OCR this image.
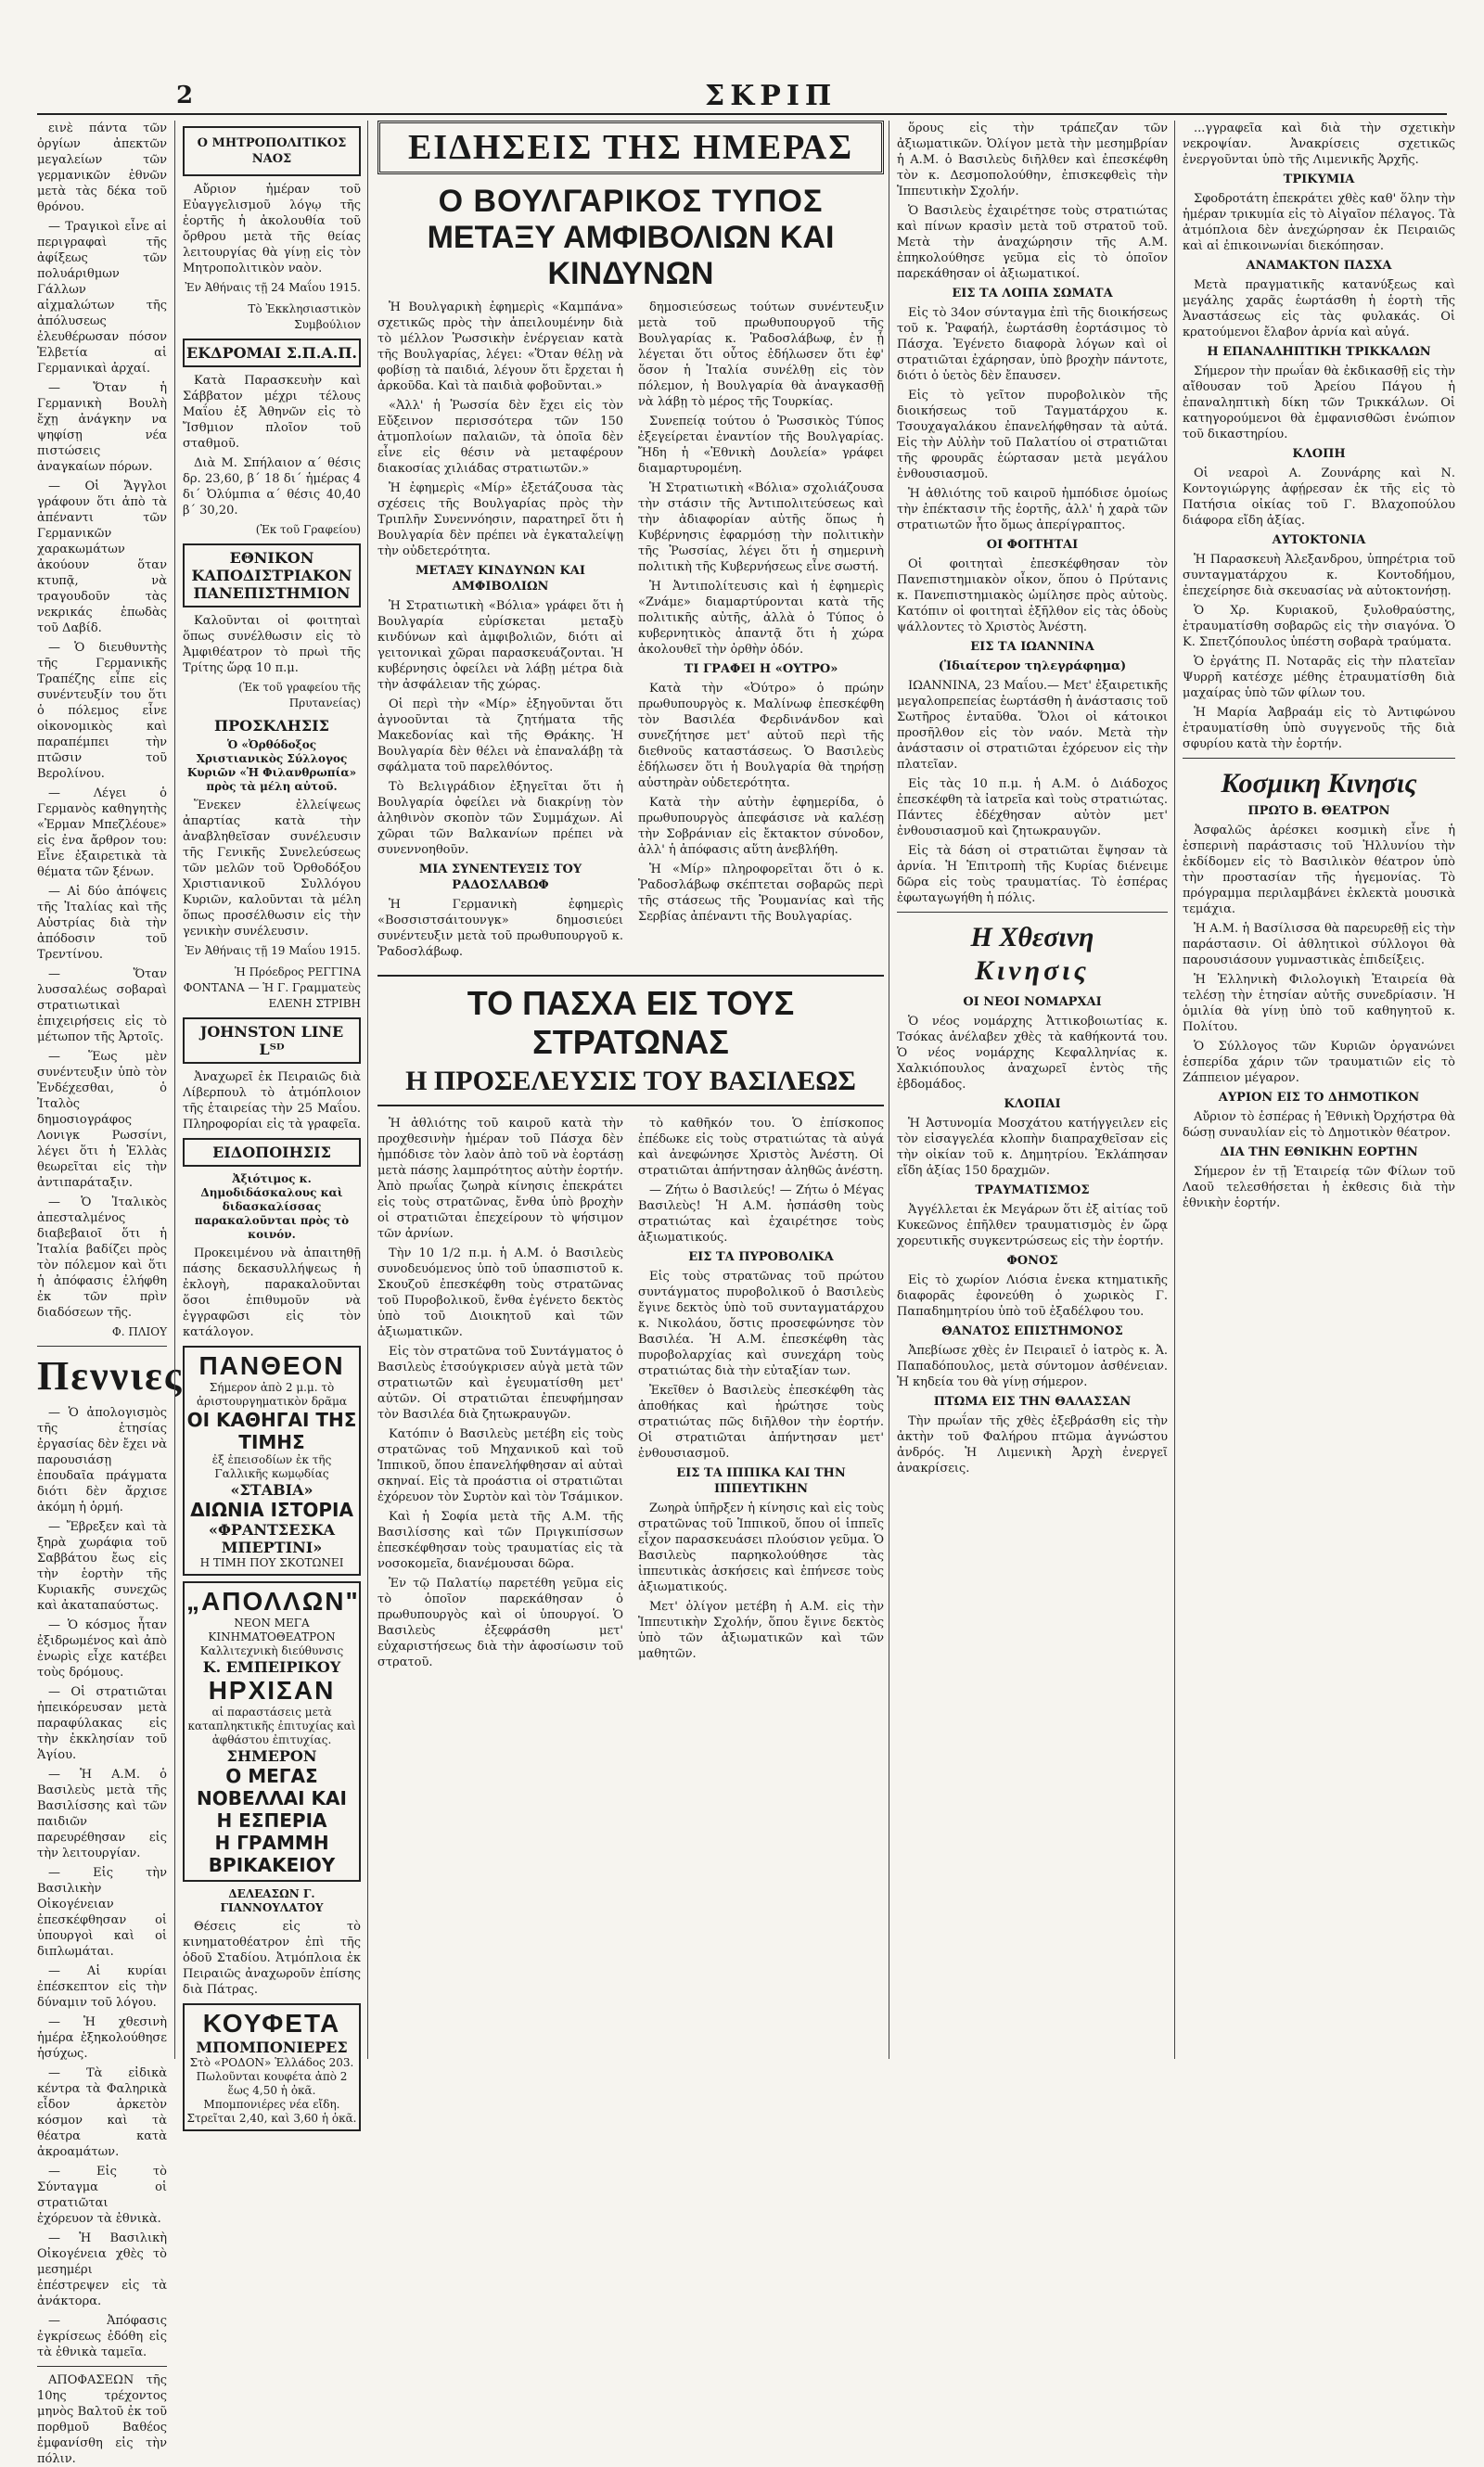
2	ΣΚΡΙΠ

εινὲ πάντα τῶν ὀργίων ἀπεκτῶν μεγαλείων τῶν γερμανικῶν ἐθνῶν μετὰ τὰς δέκα τοῦ θρόνου.

— Τραγικοὶ εἶνε αἱ περιγραφαὶ τῆς ἀφίξεως τῶν πολυάριθμων Γάλλων αἰχμαλώτων τῆς ἀπόλυσεως ἐλευθέρωσαν πόσον Ἑλβετία αἱ Γερμανικαὶ ἀρχαί.

— Ὅταν ἡ Γερμανικὴ Βουλὴ ἔχῃ ἀνάγκην να ψηφίσῃ νέα πιστώσεις ἀναγκαίων πόρων.

— Οἱ Ἄγγλοι γράφουν ὅτι ἀπὸ τὰ ἀπέναντι τῶν Γερμανικῶν χαρακωμάτων ἀκούουν ὅταν κτυπᾷ, νὰ τραγουδοῦν τὰς νεκρικάς ἐπωδὰς τοῦ Δαβίδ.

— Ὁ διευθυντὴς τῆς Γερμανικῆς Τραπέζης εἶπε εἰς συνέντευξίν του ὅτι ὁ πόλεμος εἶνε οἰκονομικὸς καὶ παραπέμπει τὴν πτῶσιν τοῦ Βερολίνου.

— Λέγει ὁ Γερμανὸς καθηγητὴς «Ἐρμαν Μπεζλέουε» εἰς ἐνα ἄρθρον του: Εἶνε ἐξαιρετικὰ τὰ θέματα τῶν ξένων.

— Αἱ δύο ἀπόψεις τῆς Ἰταλίας καὶ τῆς Αὐστρίας διὰ τὴν ἀπόδοσιν τοῦ Τρεντίνου.

— Ὅταν λυσσαλέως σοβαραὶ στρατιωτικαὶ ἐπιχειρήσεις εἰς τὸ μέτωπον τῆς Ἀρτοῖς.

— Ἕως μὲν συνέντευξιν ὑπὸ τὸν Ἐνδέχεσθαι, ὁ Ἰταλὸς δημοσιογράφος Λονιγκ Ρωσσίνι, λέγει ὅτι ἡ Ἑλλὰς θεωρεῖται εἰς τὴν ἀντιπαράταξιν.

— Ὁ Ἰταλικὸς ἀπεσταλμένος διαβεβαιοῖ ὅτι ἡ Ἰταλία βαδίζει πρὸς τὸν πόλεμον καὶ ὅτι ἡ ἀπόφασις ἐλήφθη ἐκ τῶν πρὶν διαδόσεων τῆς.

Φ. ΠΛΙΟΥ
Πεννιες

— Ὁ ἀπολογισμὸς τῆς ἑτησίας ἐργασίας δὲν ἔχει νὰ παρουσιάσῃ ἐπουδαῖα πράγματα διότι δὲν ἄρχισε ἀκόμη ἡ ὁρμή.

— Ἔβρεξεν καὶ τὰ ξηρὰ χωράφια τοῦ Σαββάτου ἔως εἰς τὴν ἑορτὴν τῆς Κυριακῆς συνεχῶς καὶ ἀκαταπαύστως.

— Ὁ κόσμος ἦταν ἐξιδρωμένος καὶ ἀπὸ ἐνωρὶς εἶχε κατέβει τοὺς δρόμους.

— Οἱ στρατιῶται ἠπεικόρευσαν μετὰ παραφύλακας εἰς τὴν ἐκκλησίαν τοῦ Ἁγίου.

— Ἡ Α.Μ. ὁ Βασιλεὺς μετὰ τῆς Βασιλίσσης καὶ τῶν παιδιῶν παρευρέθησαν εἰς τὴν λειτουργίαν.

— Εἰς τὴν Βασιλικὴν Οἰκογένειαν ἐπεσκέφθησαν οἱ ὑπουργοὶ καὶ οἱ διπλωμάται.

— Αἱ κυρίαι ἐπέσκεπτον εἰς τὴν δύναμιν τοῦ λόγου.

— Ἡ χθεσινὴ ἡμέρα ἐξηκολούθησε ἡσύχως.

— Τὰ εἰδικὰ κέντρα τὰ Φαληρικὰ εἶδον ἀρκετὸν κόσμον καὶ τὰ θέατρα κατὰ ἀκροαμάτων.

— Εἰς τὸ Σύνταγμα οἱ στρατιῶται ἐχόρευον τὰ ἐθνικὰ.

— Ἡ Βασιλικὴ Οἰκογένεια χθὲς τὸ μεσημέρι ἐπέστρεψεν εἰς τὰ ἀνάκτορα.

— Ἀπόφασις ἐγκρίσεως ἐδόθη εἰς τὰ ἐθνικὰ ταμεῖα.

ΑΠΟΦΑΣΕΩΝ τῆς 10ης τρέχοντος μηνὸς Βαλτοῦ ἐκ τοῦ πορθμοῦ Βαθέος ἐμφανίσθη εἰς τὴν πόλιν.

Ο ΜΗΤΡΟΠΟΛΙΤΙΚΟΣ ΝΑΟΣ

Αὔριον ἡμέραν τοῦ Εὐαγγελισμοῦ λόγῳ τῆς ἑορτῆς ἡ ἀκολουθία τοῦ ὄρθρου μετὰ τῆς θείας λειτουργίας θὰ γίνῃ εἰς τὸν Μητροπολιτικὸν ναὸν.

Ἐν Ἀθήναις τῇ 24 Μαΐου 1915.
Τὸ Ἐκκλησιαστικὸν Συμβούλιον
ΕΚΔΡΟΜΑΙ Σ.Π.Α.Π.

Κατὰ Παρασκευὴν καὶ Σάββατον μέχρι τέλους Μαΐου ἐξ Ἀθηνῶν εἰς τὸ Ἴσθμιον πλοῖον τοῦ σταθμοῦ.

Διὰ Μ. Σπήλαιον α΄ θέσις δρ. 23,60, β΄ 18 δι΄ ἡμέρας 4 δι΄ Ὀλύμπια α΄ θέσις 40,40 β΄ 30,20.

(Ἐκ τοῦ Γραφείου)
ΕΘΝΙΚΟΝ ΚΑΠΟΔΙΣΤΡΙΑΚΟΝ ΠΑΝΕΠΙΣΤΗΜΙΟΝ

Καλοῦνται οἱ φοιτηταὶ ὅπως συνέλθωσιν εἰς τὸ Ἀμφιθέατρον τὸ πρωὶ τῆς Τρίτης ὥρᾳ 10 π.μ.

(Ἐκ τοῦ γραφείου τῆς Πρυτανείας)
ΠΡΟΣΚΛΗΣΙΣ
Ὁ «Ὀρθόδοξος Χριστιανικὸς Σύλλογος Κυριῶν «Ἡ Φιλανθρωπία» πρὸς τὰ μέλη αὐτοῦ.

Ἕνεκεν ἐλλείψεως ἀπαρτίας κατὰ τὴν ἀναβληθεῖσαν συνέλευσιν τῆς Γενικῆς Συνελεύσεως τῶν μελῶν τοῦ Ὀρθοδόξου Χριστιανικοῦ Συλλόγου Κυριῶν, καλοῦνται τὰ μέλη ὅπως προσέλθωσιν εἰς τὴν γενικὴν συνέλευσιν.

Ἐν Ἀθήναις τῇ 19 Μαΐου 1915.
Ἡ Πρόεδρος ΡΕΓΓΙΝΑ ΦΟΝΤΑΝΑ — Ἡ Γ. Γραμματεὺς ΕΛΕΝΗ ΣΤΡΙΒΗ
JOHNSTON LINE Lᵀᴰ

Ἀναχωρεῖ ἐκ Πειραιῶς διὰ Λίβερπουλ τὸ ἀτμόπλοιον τῆς ἑταιρείας τὴν 25 Μαΐου. Πληροφορίαι εἰς τὰ γραφεῖα.

ΕΙΔΟΠΟΙΗΣΙΣ
Ἀξιότιμος κ. Δημοδιδάσκαλους καὶ διδασκαλίσσας παρακαλοῦνται πρὸς τὸ κοινόν.

Προκειμένου νὰ ἀπαιτηθῇ πάσης δεκασυλλήψεως ἡ ἐκλογὴ, παρακαλοῦνται ὅσοι ἐπιθυμοῦν νὰ ἐγγραφῶσι εἰς τὸν κατάλογον.

ΠΑΝΘΕΟΝ
Σήμερον ἀπὸ 2 μ.μ. τὸ ἀριστουργηματικὸν δρᾶμα
ΟΙ ΚΑΘΗΓΑΙ ΤΗΣ ΤΙΜΗΣ
ἐξ ἐπεισοδίων ἐκ τῆς Γαλλικῆς κωμῳδίας
«ΣΤΑΒΙΑ»
ΔΙΩΝΙΑ ΙΣΤΟΡΙΑ
«ΦΡΑΝΤΣΕΣΚΑ ΜΠΕΡΤΙΝΙ»
Η ΤΙΜΗ ΠΟΥ ΣΚΟΤΩΝΕΙ
„ΑΠΟΛΛΩΝ"
ΝΕΟΝ ΜΕΓΑ ΚΙΝΗΜΑΤΟΘΕΑΤΡΟΝ Καλλιτεχνικὴ διεύθυνσις
Κ. ΕΜΠΕΙΡΙΚΟΥ
ΗΡΧΙΣΑΝ
αἱ παραστάσεις μετὰ καταπληκτικῆς ἐπιτυχίας καὶ ἀφθάστου ἐπιτυχίας.
ΣΗΜΕΡΟΝ
Ο ΜΕΓΑΣ ΝΟΒΕΛΛΑΙ ΚΑΙ Η ΕΣΠΕΡΙΑ
Η ΓΡΑΜΜΗ ΒΡΙΚΑΚΕΙΟΥ
ΔΕΛΕΑΣΩΝ Γ. ΓΙΑΝΝΟΥΛΑΤΟΥ

Θέσεις εἰς τὸ κινηματοθέατρον ἐπὶ τῆς ὁδοῦ Σταδίου. Ἀτμόπλοια ἐκ Πειραιῶς ἀναχωροῦν ἐπίσης διὰ Πάτρας.

ΚΟΥΦΕΤΑ
ΜΠΟΜΠΟΝΙΕΡΕΣ
Στὸ «ΡΟΔΟΝ» Ἑλλάδος 203. Πωλοῦνται κουφέτα ἀπὸ 2 ἕως 4,50 ἡ ὀκᾶ. Μπομπονιέρες νέα εἴδη. Στρεῖται 2,40, καὶ 3,60 ἡ ὀκᾶ.
ΕΙΔΗΣΕΙΣ ΤΗΣ ΗΜΕΡΑΣ
Ο ΒΟΥΛΓΑΡΙΚΟΣ ΤΥΠΟΣ
ΜΕΤΑΞΥ ΑΜΦΙΒΟΛΙΩΝ ΚΑΙ ΚΙΝΔΥΝΩΝ

Ἡ Βουλγαρικὴ ἐφημερὶς «Καμπάνα» σχετικῶς πρὸς τὴν ἀπειλουμένην διὰ τὸ μέλλον Ῥωσσικὴν ἐνέργειαν κατὰ τῆς Βουλγαρίας, λέγει: «Ὅταν θέλῃ νὰ φοβίσῃ τὰ παιδιά, λέγουν ὅτι ἔρχεται ἡ ἀρκοῦδα. Καὶ τὰ παιδιὰ φοβοῦνται.»

«Ἀλλ' ἡ Ῥωσσία δὲν ἔχει εἰς τὸν Εὔξεινον περισσότερα τῶν 150 ἀτμοπλοίων παλαιῶν, τὰ ὁποῖα δὲν εἶνε εἰς θέσιν νὰ μεταφέρουν διακοσίας χιλιάδας στρατιωτῶν.»

Ἡ ἐφημερὶς «Μίρ» ἐξετάζουσα τὰς σχέσεις τῆς Βουλγαρίας πρὸς τὴν Τριπλῆν Συνεννόησιν, παρατηρεῖ ὅτι ἡ Βουλγαρία δὲν πρέπει νὰ ἐγκαταλείψῃ τὴν οὐδετερότητα.

ΜΕΤΑΞΥ ΚΙΝΔΥΝΩΝ ΚΑΙ ΑΜΦΙΒΟΛΙΩΝ

Ἡ Στρατιωτικὴ «Βόλια» γράφει ὅτι ἡ Βουλγαρία εὑρίσκεται μεταξὺ κινδύνων καὶ ἀμφιβολιῶν, διότι αἱ γειτονικαὶ χῶραι παρασκευάζονται. Ἡ κυβέρνησις ὀφείλει νὰ λάβῃ μέτρα διὰ τὴν ἀσφάλειαν τῆς χώρας.

Οἱ περὶ τὴν «Μίρ» ἐξηγοῦνται ὅτι ἀγνοοῦνται τὰ ζητήματα τῆς Μακεδονίας καὶ τῆς Θράκης. Ἡ Βουλγαρία δὲν θέλει νὰ ἐπαναλάβῃ τὰ σφάλματα τοῦ παρελθόντος.

Τὸ Βελιγράδιον ἐξηγεῖται ὅτι ἡ Βουλγαρία ὀφείλει νὰ διακρίνῃ τὸν ἀληθινὸν σκοπὸν τῶν Συμμάχων. Αἱ χῶραι τῶν Βαλκανίων πρέπει νὰ συνεννοηθοῦν.

ΜΙΑ ΣΥΝΕΝΤΕΥΞΙΣ ΤΟΥ ΡΑΔΟΣΛΑΒΩΦ

Ἡ Γερμανικὴ ἐφημερὶς «Βοσσιστσάιτουνγκ» δημοσιεύει συνέντευξιν μετὰ τοῦ πρωθυπουργοῦ κ. Ῥαδοσλάβωφ.

δημοσιεύσεως τούτων συνέντευξιν μετὰ τοῦ πρωθυπουργοῦ τῆς Βουλγαρίας κ. Ῥαδοσλάβωφ, ἐν ᾗ λέγεται ὅτι οὗτος ἐδήλωσεν ὅτι ἐφ' ὅσον ἡ Ἰταλία συνέλθῃ εἰς τὸν πόλεμον, ἡ Βουλγαρία θὰ ἀναγκασθῇ νὰ λάβῃ τὸ μέρος τῆς Τουρκίας.

Συνεπείᾳ τούτου ὁ Ῥωσσικὸς Τύπος ἐξεγείρεται ἐναντίον τῆς Βουλγαρίας. Ἤδη ἡ «Ἐθνικὴ Δουλεία» γράφει διαμαρτυρομένη.

Ἡ Στρατιωτικὴ «Βόλια» σχολιάζουσα τὴν στάσιν τῆς Ἀντιπολιτεύσεως καὶ τὴν ἀδιαφορίαν αὐτῆς ὅπως ἡ Κυβέρνησις ἐφαρμόσῃ τὴν πολιτικὴν τῆς Ῥωσσίας, λέγει ὅτι ἡ σημερινὴ πολιτικὴ τῆς Κυβερνήσεως εἶνε σωστή.

Ἡ Ἀντιπολίτευσις καὶ ἡ ἐφημερὶς «Ζνάμε» διαμαρτύρονται κατὰ τῆς πολιτικῆς αὐτῆς, ἀλλὰ ὁ Τύπος ὁ κυβερνητικὸς ἀπαντᾷ ὅτι ἡ χώρα ἀκολουθεῖ τὴν ὀρθὴν ὁδόν.

ΤΙ ΓΡΑΦΕΙ Η «ΟΥΤΡΟ»

Κατὰ τὴν «Ὀύτρο» ὁ πρώην πρωθυπουργὸς κ. Μαλίνωφ ἐπεσκέφθη τὸν Βασιλέα Φερδινάνδον καὶ συνεζήτησε μετ' αὐτοῦ περὶ τῆς διεθνοῦς καταστάσεως. Ὁ Βασιλεὺς ἐδήλωσεν ὅτι ἡ Βουλγαρία θὰ τηρήσῃ αὐστηρὰν οὐδετερότητα.

Κατὰ τὴν αὐτὴν ἐφημερίδα, ὁ πρωθυπουργὸς ἀπεφάσισε νὰ καλέσῃ τὴν Σοβράνιαν εἰς ἔκτακτον σύνοδον, ἀλλ' ἡ ἀπόφασις αὕτη ἀνεβλήθη.

Ἡ «Μίρ» πληροφορεῖται ὅτι ὁ κ. Ῥαδοσλάβωφ σκέπτεται σοβαρῶς περὶ τῆς στάσεως τῆς Ῥουμανίας καὶ τῆς Σερβίας ἀπέναντι τῆς Βουλγαρίας.

ΤΟ ΠΑΣΧΑ ΕΙΣ ΤΟΥΣ ΣΤΡΑΤΩΝΑΣ
Η ΠΡΟΣΕΛΕΥΣΙΣ ΤΟΥ ΒΑΣΙΛΕΩΣ

Ἡ ἀθλιότης τοῦ καιροῦ κατὰ τὴν προχθεσινὴν ἡμέραν τοῦ Πάσχα δὲν ἠμπόδισε τὸν λαὸν ἀπὸ τοῦ νὰ ἑορτάσῃ μετὰ πάσης λαμπρότητος αὐτὴν ἑορτήν. Ἀπὸ πρωΐας ζωηρὰ κίνησις ἐπεκράτει εἰς τοὺς στρατῶνας, ἔνθα ὑπὸ βροχὴν οἱ στρατιῶται ἐπεχείρουν τὸ ψήσιμον τῶν ἀρνίων.

Τὴν 10 1/2 π.μ. ἡ Α.Μ. ὁ Βασιλεὺς συνοδευόμενος ὑπὸ τοῦ ὑπασπιστοῦ κ. Σκουζοῦ ἐπεσκέφθη τοὺς στρατῶνας τοῦ Πυροβολικοῦ, ἔνθα ἐγένετο δεκτὸς ὑπὸ τοῦ Διοικητοῦ καὶ τῶν ἀξιωματικῶν.

Εἰς τὸν στρατῶνα τοῦ Συντάγματος ὁ Βασιλεὺς ἐτσούγκρισεν αὐγὰ μετὰ τῶν στρατιωτῶν καὶ ἐγευματίσθη μετ' αὐτῶν. Οἱ στρατιῶται ἐπευφήμησαν τὸν Βασιλέα διὰ ζητωκραυγῶν.

Κατόπιν ὁ Βασιλεὺς μετέβη εἰς τοὺς στρατῶνας τοῦ Μηχανικοῦ καὶ τοῦ Ἱππικοῦ, ὅπου ἐπανελήφθησαν αἱ αὐταὶ σκηναί. Εἰς τὰ προάστια οἱ στρατιῶται ἐχόρευον τὸν Συρτὸν καὶ τὸν Τσάμικον.

Καὶ ἡ Σοφία μετὰ τῆς Α.Μ. τῆς Βασιλίσσης καὶ τῶν Πριγκιπίσσων ἐπεσκέφθησαν τοὺς τραυματίας εἰς τὰ νοσοκομεῖα, διανέμουσαι δῶρα.

Ἐν τῷ Παλατίῳ παρετέθη γεῦμα εἰς τὸ ὁποῖον παρεκάθησαν ὁ πρωθυπουργὸς καὶ οἱ ὑπουργοί. Ὁ Βασιλεὺς ἐξεφράσθη μετ' εὐχαριστήσεως διὰ τὴν ἀφοσίωσιν τοῦ στρατοῦ.

τὸ καθῆκόν του. Ὁ ἐπίσκοπος ἐπέδωκε εἰς τοὺς στρατιώτας τὰ αὐγά καὶ ἀνεφώνησε Χριστὸς Ἀνέστη. Οἱ στρατιῶται ἀπήντησαν ἀληθῶς ἀνέστη.

— Ζήτω ὁ Βασιλεύς! — Ζήτω ὁ Μέγας Βασιλεὺς! Ἡ Α.Μ. ἠσπάσθη τοὺς στρατιώτας καὶ ἐχαιρέτησε τοὺς ἀξιωματικούς.

ΕΙΣ ΤΑ ΠΥΡΟΒΟΛΙΚΑ

Εἰς τοὺς στρατῶνας τοῦ πρώτου συντάγματος πυροβολικοῦ ὁ Βασιλεὺς ἔγινε δεκτὸς ὑπὸ τοῦ συνταγματάρχου κ. Νικολάου, ὅστις προσεφώνησε τὸν Βασιλέα. Ἡ Α.Μ. ἐπεσκέφθη τὰς πυροβολαρχίας καὶ συνεχάρη τοὺς στρατιώτας διὰ τὴν εὐταξίαν των.

Ἐκεῖθεν ὁ Βασιλεὺς ἐπεσκέφθη τὰς ἀποθήκας καὶ ἠρώτησε τοὺς στρατιώτας πῶς διῆλθον τὴν ἑορτήν. Οἱ στρατιῶται ἀπήντησαν μετ' ἐνθουσιασμοῦ.

ΕΙΣ ΤΑ ΙΠΠΙΚΑ ΚΑΙ ΤΗΝ ΙΠΠΕΥΤΙΚΗΝ

Ζωηρὰ ὑπῆρξεν ἡ κίνησις καὶ εἰς τοὺς στρατῶνας τοῦ Ἱππικοῦ, ὅπου οἱ ἱππεῖς εἶχον παρασκευάσει πλούσιον γεῦμα. Ὁ Βασιλεὺς παρηκολούθησε τὰς ἱππευτικὰς ἀσκήσεις καὶ ἐπήνεσε τοὺς ἀξιωματικούς.

Μετ' ὀλίγον μετέβη ἡ Α.Μ. εἰς τὴν Ἱππευτικὴν Σχολήν, ὅπου ἔγινε δεκτὸς ὑπὸ τῶν ἀξιωματικῶν καὶ τῶν μαθητῶν.

ὅρους εἰς τὴν τράπεζαν τῶν ἀξιωματικῶν. Ὀλίγον μετὰ τὴν μεσημβρίαν ἡ Α.Μ. ὁ Βασιλεὺς διῆλθεν καὶ ἐπεσκέφθη τὸν κ. Δεσμοπολούθην, ἐπισκεφθεὶς τὴν Ἱππευτικὴν Σχολήν.

Ὁ Βασιλεὺς ἐχαιρέτησε τοὺς στρατιώτας καὶ πίνων κρασὶν μετὰ τοῦ στρατοῦ τοῦ. Μετὰ τὴν ἀναχώρησιν τῆς Α.Μ. ἐπηκολούθησε γεῦμα εἰς τὸ ὁποῖον παρεκάθησαν οἱ ἀξιωματικοί.

ΕΙΣ ΤΑ ΛΟΙΠΑ ΣΩΜΑΤΑ

Εἰς τὸ 34ον σύνταγμα ἐπὶ τῆς διοικήσεως τοῦ κ. Ῥαφαήλ, ἑωρτάσθη ἑορτάσιμος τὸ Πάσχα. Ἐγένετο διαφορὰ λόγων καὶ οἱ στρατιῶται ἐχάρησαν, ὑπὸ βροχὴν πάντοτε, διότι ὁ ὑετὸς δὲν ἔπαυσεν.

Εἰς τὸ γεῖτον πυροβολικὸν τῆς διοικήσεως τοῦ Ταγματάρχου κ. Τσουχαγαλάκου ἐπανελήφθησαν τὰ αὐτά. Εἰς τὴν Αὐλὴν τοῦ Παλατίου οἱ στρατιῶται τῆς φρουρᾶς ἑώρτασαν μετὰ μεγάλου ἐνθουσιασμοῦ.

Ἡ ἀθλιότης τοῦ καιροῦ ἠμπόδισε ὁμοίως τὴν ἐπέκτασιν τῆς ἑορτῆς, ἀλλ' ἡ χαρὰ τῶν στρατιωτῶν ἦτο ὅμως ἀπερίγραπτος.

ΟΙ ΦΟΙΤΗΤΑΙ

Οἱ φοιτηταὶ ἐπεσκέφθησαν τὸν Πανεπιστημιακὸν οἶκον, ὅπου ὁ Πρύτανις κ. Πανεπιστημιακὸς ὡμίλησε πρὸς αὐτοὺς. Κατόπιν οἱ φοιτηταὶ ἐξῆλθον εἰς τὰς ὁδοὺς ψάλλοντες τὸ Χριστὸς Ἀνέστη.

ΕΙΣ ΤΑ ΙΩΑΝΝΙΝΑ
(Ἰδιαίτερον τηλεγράφημα)

ΙΩΑΝΝΙΝΑ, 23 Μαΐου.— Μετ' ἐξαιρετικῆς μεγαλοπρεπείας ἑωρτάσθη ἡ ἀνάστασις τοῦ Σωτῆρος ἐνταῦθα. Ὅλοι οἱ κάτοικοι προσῆλθον εἰς τὸν ναόν. Μετὰ τὴν ἀνάστασιν οἱ στρατιῶται ἐχόρευον εἰς τὴν πλατεῖαν.

Εἰς τὰς 10 π.μ. ἡ Α.Μ. ὁ Διάδοχος ἐπεσκέφθη τὰ ἰατρεῖα καὶ τοὺς στρατιώτας. Πάντες ἐδέχθησαν αὐτὸν μετ' ἐνθουσιασμοῦ καὶ ζητωκραυγῶν.

Εἰς τὰ δάση οἱ στρατιῶται ἔψησαν τὰ ἀρνία. Ἡ Ἐπιτροπὴ τῆς Κυρίας διένειμε δῶρα εἰς τοὺς τραυματίας. Τὸ ἑσπέρας ἐφωταγωγήθη ἡ πόλις.

Η Χθεσινη
Κινησις
ΟΙ ΝΕΟΙ ΝΟΜΑΡΧΑΙ

Ὁ νέος νομάρχης Ἀττικοβοιωτίας κ. Τσόκας ἀνέλαβεν χθὲς τὰ καθήκοντά του. Ὁ νέος νομάρχης Κεφαλληνίας κ. Χαλκιόπουλος ἀναχωρεῖ ἐντὸς τῆς ἑβδομάδος.

ΚΛΟΠΑΙ

Ἡ Ἀστυνομία Μοσχάτου κατήγγειλεν εἰς τὸν εἰσαγγελέα κλοπὴν διαπραχθεῖσαν εἰς τὴν οἰκίαν τοῦ κ. Δημητρίου. Ἐκλάπησαν εἴδη ἀξίας 150 δραχμῶν.

ΤΡΑΥΜΑΤΙΣΜΟΣ

Ἀγγέλλεται ἐκ Μεγάρων ὅτι ἐξ αἰτίας τοῦ Κυκεῶνος ἐπῆλθεν τραυματισμὸς ἐν ὥρᾳ χορευτικῆς συγκεντρώσεως εἰς τὴν ἑορτήν.

ΦΟΝΟΣ

Εἰς τὸ χωρίον Λιόσια ἐνεκα κτηματικῆς διαφορᾶς ἐφονεύθη ὁ χωρικὸς Γ. Παπαδημητρίου ὑπὸ τοῦ ἐξαδέλφου του.

ΘΑΝΑΤΟΣ ΕΠΙΣΤΗΜΟΝΟΣ

Ἀπεβίωσε χθὲς ἐν Πειραιεῖ ὁ ἰατρὸς κ. Ἀ. Παπαδόπουλος, μετὰ σύντομον ἀσθένειαν. Ἡ κηδεία του θὰ γίνῃ σήμερον.

ΠΤΩΜΑ ΕΙΣ ΤΗΝ ΘΑΛΑΣΣΑΝ

Τὴν πρωΐαν τῆς χθὲς ἐξεβράσθη εἰς τὴν ἀκτὴν τοῦ Φαλήρου πτῶμα ἀγνώστου ἀνδρός. Ἡ Λιμενικὴ Ἀρχὴ ἐνεργεῖ ἀνακρίσεις.

...γγραφεῖα καὶ διὰ τὴν σχετικὴν νεκροψίαν. Ἀνακρίσεις σχετικῶς ἐνεργοῦνται ὑπὸ τῆς Λιμενικῆς Ἀρχῆς.

ΤΡΙΚΥΜΙΑ

Σφοδροτάτη ἐπεκράτει χθὲς καθ' ὅλην τὴν ἡμέραν τρικυμία εἰς τὸ Αἰγαῖον πέλαγος. Τὰ ἀτμόπλοια δὲν ἀνεχώρησαν ἐκ Πειραιῶς καὶ αἱ ἐπικοινωνίαι διεκόπησαν.

ΑΝΑΜΑΚΤΟΝ ΠΑΣΧΑ

Μετὰ πραγματικῆς κατανύξεως καὶ μεγάλης χαρᾶς ἑωρτάσθη ἡ ἑορτὴ τῆς Ἀναστάσεως εἰς τὰς φυλακάς. Οἱ κρατούμενοι ἔλαβον ἀρνία καὶ αὐγά.

Η ΕΠΑΝΑΛΗΠΤΙΚΗ ΤΡΙΚΚΑΛΩΝ

Σήμερον τὴν πρωΐαν θὰ ἐκδικασθῇ εἰς τὴν αἴθουσαν τοῦ Ἀρείου Πάγου ἡ ἐπαναληπτικὴ δίκη τῶν Τρικκάλων. Οἱ κατηγορούμενοι θὰ ἐμφανισθῶσι ἐνώπιον τοῦ δικαστηρίου.

ΚΛΟΠΗ

Οἱ νεαροὶ Α. Ζουνάρης καὶ Ν. Κοντογιώργης ἀφῄρεσαν ἐκ τῆς εἰς τὸ Πατήσια οἰκίας τοῦ Γ. Βλαχοπούλου διάφορα εἴδη ἀξίας.

ΑΥΤΟΚΤΟΝΙΑ

Ἡ Παρασκευὴ Ἀλεξανδρου, ὑπηρέτρια τοῦ συνταγματάρχου κ. Κοντοδήμου, ἐπεχείρησε διὰ σκευασίας νὰ αὐτοκτονήσῃ.

Ὁ Χρ. Κυριακοῦ, ξυλοθραύστης, ἐτραυματίσθη σοβαρῶς εἰς τὴν σιαγόνα. Ὁ Κ. Σπετζόπουλος ὑπέστη σοβαρὰ τραύματα.

Ὁ ἐργάτης Π. Νοταρᾶς εἰς τὴν πλατεῖαν Ψυρρῆ κατέσχε μέθης ἐτραυματίσθη διὰ μαχαίρας ὑπὸ τῶν φίλων του.

Ἡ Μαρία Ἀαβραάμ εἰς τὸ Ἀντιφώνου ἐτραυματίσθη ὑπὸ συγγενοῦς τῆς διὰ σφυρίου κατὰ τὴν ἑορτήν.

Κοσμικη Κινησις
ΠΡΩΤΟ Β. ΘΕΑΤΡΟΝ

Ἀσφαλῶς ἀρέσκει κοσμικὴ εἶνε ἡ ἑσπερινὴ παράστασις τοῦ Ἡλλυνίου τὴν ἐκδίδομεν εἰς τὸ Βασιλικὸν θέατρον ὑπὸ τὴν προστασίαν τῆς ἡγεμονίας. Τὸ πρόγραμμα περιλαμβάνει ἐκλεκτὰ μουσικὰ τεμάχια.

Ἡ Α.Μ. ἡ Βασίλισσα θὰ παρευρεθῇ εἰς τὴν παράστασιν. Οἱ ἀθλητικοὶ σύλλογοι θὰ παρουσιάσουν γυμναστικὰς ἐπιδείξεις.

Ἡ Ἑλληνικὴ Φιλολογικὴ Ἑταιρεία θὰ τελέσῃ τὴν ἐτησίαν αὐτῆς συνεδρίασιν. Ἡ ὁμιλία θὰ γίνῃ ὑπὸ τοῦ καθηγητοῦ κ. Πολίτου.

Ὁ Σύλλογος τῶν Κυριῶν ὀργανώνει ἑσπερίδα χάριν τῶν τραυματιῶν εἰς τὸ Ζάππειον μέγαρον.

ΑΥΡΙΟΝ ΕΙΣ ΤΟ ΔΗΜΟΤΙΚΟΝ

Αὔριον τὸ ἑσπέρας ἡ Ἐθνικὴ Ὀρχήστρα θὰ δώσῃ συναυλίαν εἰς τὸ Δημοτικὸν θέατρον.

ΔΙΑ ΤΗΝ ΕΘΝΙΚΗΝ ΕΟΡΤΗΝ

Σήμερον ἐν τῇ Ἑταιρείᾳ τῶν Φίλων τοῦ Λαοῦ τελεσθήσεται ἡ ἐκθεσις διὰ τὴν ἐθνικὴν ἑορτήν.
